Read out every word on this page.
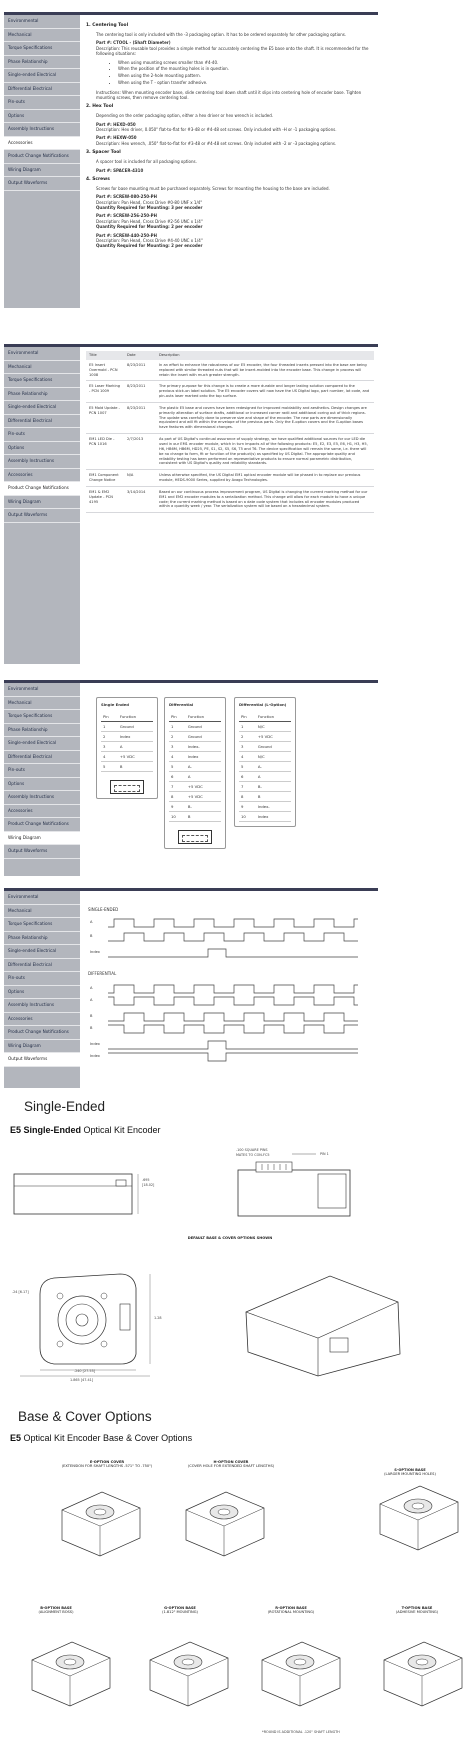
Environmental
Mechanical
Torque Specifications
Phase Relationship
Single-ended Electrical
Differential Electrical
Pin-outs
Options
Assembly Instructions
Accessories
Product Change Notifications
Wiring Diagram
Output Waveforms
1. Centering Tool

The centering tool is only included with the -3 packaging option. It has to be ordered separately for other packaging options.

Part #: CTOOL - (Shaft Diameter)

Description: This reusable tool provides a simple method for accurately centering the E5 base onto the shaft. It is recommended for the following situations:

• When using mounting screws smaller than #4-40.
• When the position of the mounting holes is in question.
• When using the 2-hole mounting pattern.
• When using the T - option transfer adhesive.

Instructions: When mounting encoder base, slide centering tool down shaft until it slips into centering hole of encoder base. Tighten mounting screws, then remove centering tool.

2. Hex Tool

Depending on the order packaging option, either a hex driver or hex wrench is included.

Part #: HEXD-050

Description: Hex driver, 0.050" flat-to-flat for #3-48 or #4-48 set screws. Only included with -H or -1 packaging options.

Part #: HEXW-050

Description: Hex wrench, .050" flat-to-flat for #3-48 or #4-48 set screws. Only included with -2 or -3 packaging options.

3. Spacer Tool

A spacer tool is included for all packaging options.

Part #: SPACER-4310
4. Screws

Screws for base mounting must be purchased separately. Screws for mounting the housing to the base are included.

Part #: SCREW-080-250-PH
Description: Pan Head, Cross Drive #0-80 UNF x 1/4"
Quantity Required for Mounting: 3 per encoder
Part #: SCREW-256-250-PH
Description: Pan Head, Cross Drive #2-56 UNC x 1/4"
Quantity Required for Mounting: 2 per encoder
Part #: SCREW-440-250-PH
Description: Pan Head, Cross Drive #4-40 UNC x 1/4"
Quantity Required for Mounting: 2 per encoder
Environmental
Mechanical
Torque Specifications
Phase Relationship
Single-ended Electrical
Differential Electrical
Pin-outs
Options
Assembly Instructions
Accessories
Product Change Notifications
Wiring Diagram
Output Waveforms
Title	Date	Description
E5 Insert Overmold - PCN 1008	8/23/2011	In an effort to enhance the robustness of our E5 encoder, the four threaded inserts pressed into the base are being replaced with similar threaded nuts that will be insert-molded into the encoder base. This change in process will retain the insert with much greater strength.
E5 Laser Marking - PCN 1009	8/23/2011	The primary purpose for this change is to create a more durable and longer lasting solution compared to the previous stick-on label solution. The E5 encoder covers will now have the US Digital logo, part number, lot code, and pin-outs laser marked onto the top surface.
E5 Mold Update - PCN 1007	8/23/2011	The plastic E5 base and covers have been redesigned for improved moldability and aesthetics. Design changes are primarily alteration of surface drafts, additional or increased corner radii and additional coring out of thick regions. The update was carefully done to preserve size and shape of the encoder. The new parts are dimensionally equivalent and will fit within the envelope of the previous parts. Only the E-option covers and the G-option bases have features with dimensional changes.
EM1 LED Die - PCN 1016	2/7/2013	As part of US Digital's continual assurance of supply strategy, we have qualified additional sources for our LED die used in our EM1 encoder module, which in turn impacts all of the following products: E5, E2, E3, E5, E6, H1, H3, H5, H6, HB6M, HB6M, HD25, PE, S1, S2, S5, S6, T5 and T6. The device specification will remain the same, i.e. there will be no change to form, fit or function of the product(s) as specified by US Digital. The appropriate quality and reliability testing has been performed on representative products to ensure normal parametric distribution, consistent with US Digital's quality and reliability standards.
EM1 Component Change Notice	N/A	Unless otherwise specified, the US Digital EM1 optical encoder module will be phased in to replace our previous module, HEDS-9000 Series, supplied by Avago Technologies.
EM1 & EM2 Update - PCN 4195	3/14/2014	Based on our continuous process improvement program, US Digital is changing the current marking method for our EM1 and EM2 encoder modules to a serialization method. This change will allow for each module to have a unique code; the current marking method is based on a date code system that includes all encoder modules produced within a quantity week / year. The serialization system will be based on a hexadecimal system.
Environmental
Mechanical
Torque Specifications
Phase Relationship
Single-ended Electrical
Differential Electrical
Pin-outs
Options
Assembly Instructions
Accessories
Product Change Notifications
Wiring Diagram
Output Waveforms
Single Ended
Pin	Function
1	Ground
2	Index
3	A
4	+5 VDC
5	B
Differential
Pin	Function
1	Ground
2	Ground
3	Index-
4	Index
5	A-
6	A
7	+5 VDC
8	+5 VDC
9	B-
10	B
Differential (L-Option)
Pin	Function
1	N/C
2	+5 VDC
3	Ground
4	N/C
5	A-
6	A
7	B-
8	B
9	Index-
10	Index
Environmental
Mechanical
Torque Specifications
Phase Relationship
Single-ended Electrical
Differential Electrical
Pin-outs
Options
Assembly Instructions
Accessories
Product Change Notifications
Wiring Diagram
Output Waveforms
SINGLE-ENDED
DIFFERENTIAL
A
B
Index
A
A
B
B
Index
Index
Single-Ended
E5 Single-Ended Optical Kit Encoder
.100 SQUARE PINS
MATES TO CON-FC5	PIN 1
.695
[18.02]
DEFAULT BASE & COVER OPTIONS SHOWN
.240 [27.53]
1.865 [47.41]
1.28
.24 [6.17]
Base & Cover Options
E5 Optical Kit Encoder Base & Cover Options
E-OPTION COVER
(EXTENSION FOR SHAFT LENGTHS .571" TO .750")
H-OPTION COVER
(COVER HOLE FOR EXTENDED SHAFT LENGTHS)
S-OPTION BASE
(LARGER MOUNTING HOLES)
B-OPTION BASE
(ALIGNMENT BOSS)
G-OPTION BASE
(1.812" MOUNTING)
R-OPTION BASE
(ROTATIONAL MOUNTING)
T-OPTION BASE
(ADHESIVE MOUNTING)
*ROUND IS ADDITIONAL .120" SHAFT LENGTH
